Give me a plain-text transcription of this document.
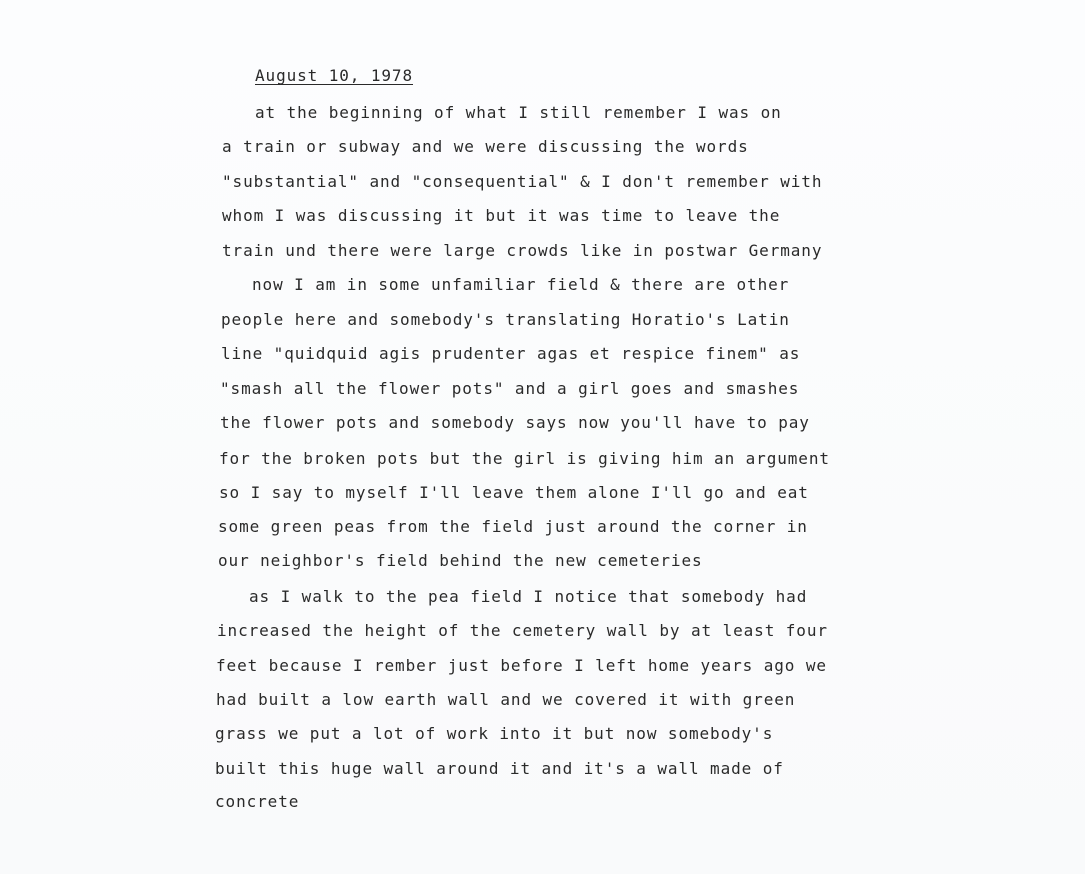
August 10, 1978

at the beginning of what I still remember I was on

a train or subway and we were discussing the words

"substantial" and "consequential" & I don't remember with

whom I was discussing it but it was time to leave the

train und there were large crowds like in postwar Germany

now I am in some unfamiliar field & there are other

people here and somebody's translating Horatio's Latin

line "quidquid agis prudenter agas et respice finem" as

"smash all the flower pots" and a girl goes and smashes

the flower pots and somebody says now you'll have to pay

for the broken pots but the girl is giving him an argument

so I say to myself I'll leave them alone I'll go and eat

some green peas from the field just around the corner in

our neighbor's field behind the new cemeteries

as I walk to the pea field I notice that somebody had

increased the height of the cemetery wall by at least four

feet because I rember just before I left home years ago we

had built a low earth wall and we covered it with green

grass we put a lot of work into it but now somebody's

built this huge wall around it and it's a wall made of

concrete
